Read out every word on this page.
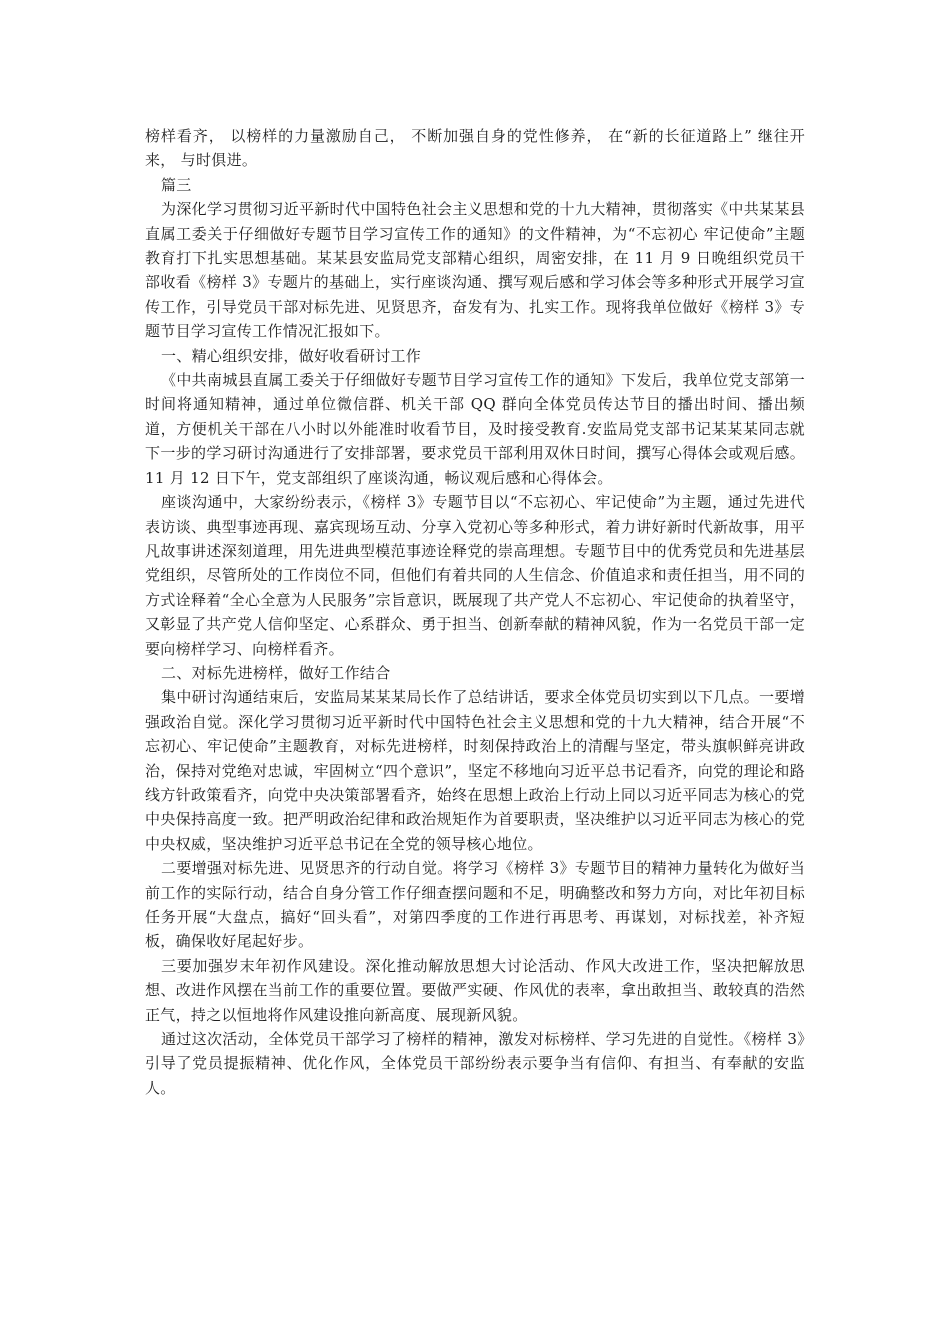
榜样看齐， 以榜样的力量激励自己， 不断加强自身的党性修养， 在“新的长征道路上” 继往开来， 与时俱进。

篇三

为深化学习贯彻习近平新时代中国特色社会主义思想和党的十九大精神，贯彻落实《中共某某县直属工委关于仔细做好专题节目学习宣传工作的通知》的文件精神，为“不忘初心 牢记使命”主题教育打下扎实思想基础。某某县安监局党支部精心组织，周密安排，在 11 月 9 日晚组织党员干部收看《榜样 3》专题片的基础上，实行座谈沟通、撰写观后感和学习体会等多种形式开展学习宣传工作，引导党员干部对标先进、见贤思齐，奋发有为、扎实工作。现将我单位做好《榜样 3》专题节目学习宣传工作情况汇报如下。

一、精心组织安排，做好收看研讨工作

《中共南城县直属工委关于仔细做好专题节目学习宣传工作的通知》下发后，我单位党支部第一时间将通知精神，通过单位微信群、机关干部 QQ 群向全体党员传达节目的播出时间、播出频道，方便机关干部在八小时以外能准时收看节目，及时接受教育.安监局党支部书记某某某同志就下一步的学习研讨沟通进行了安排部署，要求党员干部利用双休日时间，撰写心得体会或观后感。11 月 12 日下午，党支部组织了座谈沟通，畅议观后感和心得体会。

座谈沟通中，大家纷纷表示，《榜样 3》专题节目以“不忘初心、牢记使命”为主题，通过先进代表访谈、典型事迹再现、嘉宾现场互动、分享入党初心等多种形式，着力讲好新时代新故事，用平凡故事讲述深刻道理，用先进典型模范事迹诠释党的崇高理想。专题节目中的优秀党员和先进基层党组织，尽管所处的工作岗位不同，但他们有着共同的人生信念、价值追求和责任担当，用不同的方式诠释着“全心全意为人民服务”宗旨意识，既展现了共产党人不忘初心、牢记使命的执着坚守，又彰显了共产党人信仰坚定、心系群众、勇于担当、创新奉献的精神风貌，作为一名党员干部一定要向榜样学习、向榜样看齐。

二、对标先进榜样，做好工作结合

集中研讨沟通结束后，安监局某某某局长作了总结讲话，要求全体党员切实到以下几点。一要增强政治自觉。深化学习贯彻习近平新时代中国特色社会主义思想和党的十九大精神，结合开展“不忘初心、牢记使命”主题教育，对标先进榜样，时刻保持政治上的清醒与坚定，带头旗帜鲜亮讲政治，保持对党绝对忠诚，牢固树立“四个意识”，坚定不移地向习近平总书记看齐，向党的理论和路线方针政策看齐，向党中央决策部署看齐，始终在思想上政治上行动上同以习近平同志为核心的党中央保持高度一致。把严明政治纪律和政治规矩作为首要职责，坚决维护以习近平同志为核心的党中央权威，坚决维护习近平总书记在全党的领导核心地位。

二要增强对标先进、见贤思齐的行动自觉。将学习《榜样 3》专题节目的精神力量转化为做好当前工作的实际行动，结合自身分管工作仔细查摆问题和不足，明确整改和努力方向，对比年初目标任务开展“大盘点，搞好“回头看”，对第四季度的工作进行再思考、再谋划，对标找差，补齐短板，确保收好尾起好步。

三要加强岁末年初作风建设。深化推动解放思想大讨论活动、作风大改进工作，坚决把解放思想、改进作风摆在当前工作的重要位置。要做严实硬、作风优的表率，拿出敢担当、敢较真的浩然正气，持之以恒地将作风建设推向新高度、展现新风貌。

通过这次活动，全体党员干部学习了榜样的精神，激发对标榜样、学习先进的自觉性。《榜样 3》引导了党员提振精神、优化作风，全体党员干部纷纷表示要争当有信仰、有担当、有奉献的安监人。
